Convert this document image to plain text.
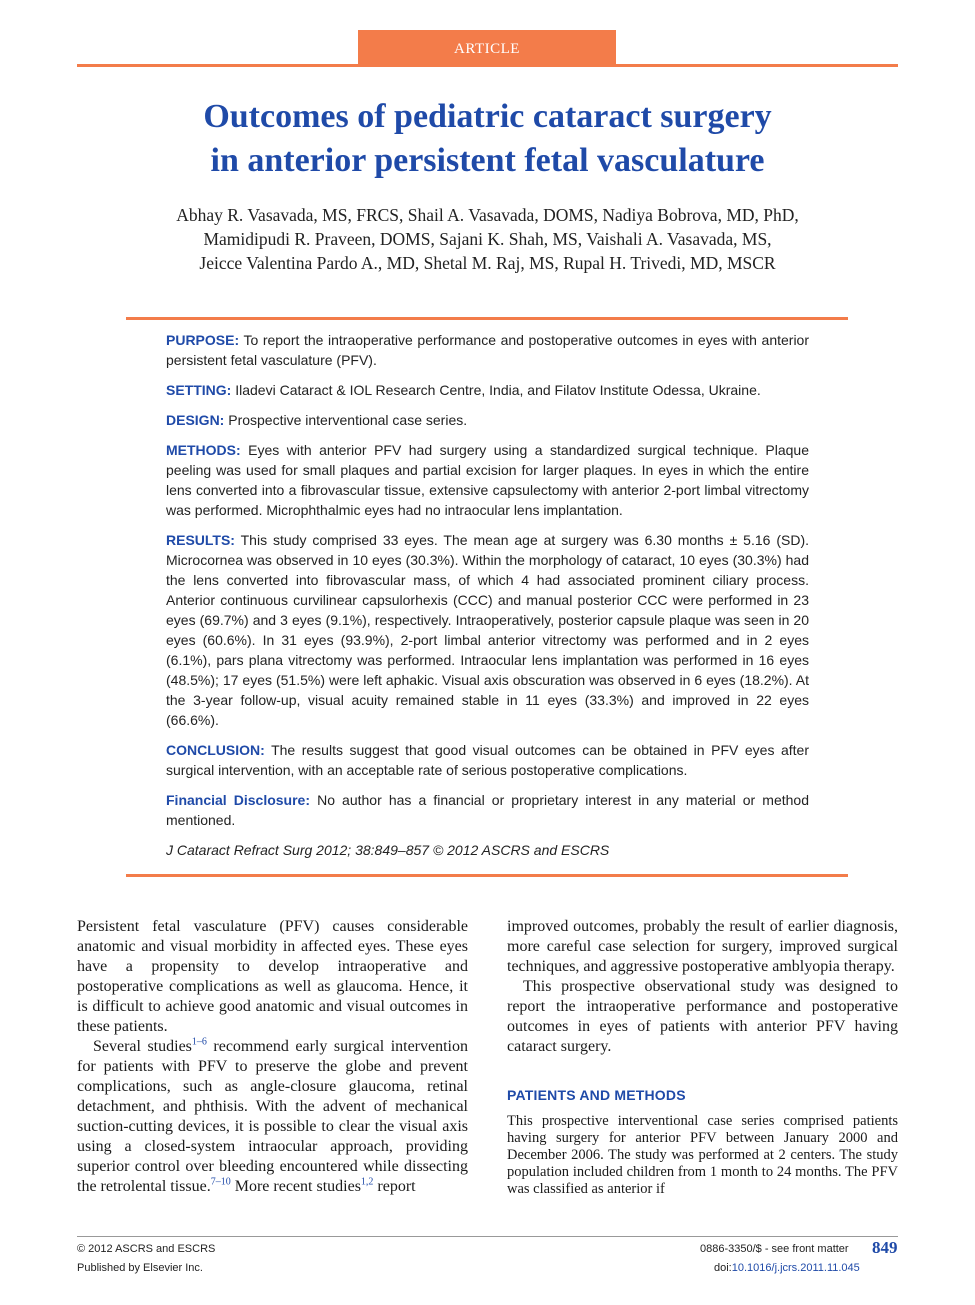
ARTICLE
Outcomes of pediatric cataract surgery
in anterior persistent fetal vasculature
Abhay R. Vasavada, MS, FRCS, Shail A. Vasavada, DOMS, Nadiya Bobrova, MD, PhD,
Mamidipudi R. Praveen, DOMS, Sajani K. Shah, MS, Vaishali A. Vasavada, MS,
Jeicce Valentina Pardo A., MD, Shetal M. Raj, MS, Rupal H. Trivedi, MD, MSCR

PURPOSE: To report the intraoperative performance and postoperative outcomes in eyes with anterior persistent fetal vasculature (PFV).

SETTING: Iladevi Cataract & IOL Research Centre, India, and Filatov Institute Odessa, Ukraine.

DESIGN: Prospective interventional case series.

METHODS: Eyes with anterior PFV had surgery using a standardized surgical technique. Plaque peeling was used for small plaques and partial excision for larger plaques. In eyes in which the entire lens converted into a fibrovascular tissue, extensive capsulectomy with anterior 2-port limbal vitrectomy was performed. Microphthalmic eyes had no intraocular lens implantation.

RESULTS: This study comprised 33 eyes. The mean age at surgery was 6.30 months ± 5.16 (SD). Microcornea was observed in 10 eyes (30.3%). Within the morphology of cataract, 10 eyes (30.3%) had the lens converted into fibrovascular mass, of which 4 had associated prominent ciliary process. Anterior continuous curvilinear capsulorhexis (CCC) and manual posterior CCC were performed in 23 eyes (69.7%) and 3 eyes (9.1%), respectively. Intraoperatively, posterior capsule plaque was seen in 20 eyes (60.6%). In 31 eyes (93.9%), 2-port limbal anterior vitrectomy was performed and in 2 eyes (6.1%), pars plana vitrectomy was performed. Intraocular lens implantation was performed in 16 eyes (48.5%); 17 eyes (51.5%) were left aphakic. Visual axis obscuration was observed in 6 eyes (18.2%). At the 3-year follow-up, visual acuity remained stable in 11 eyes (33.3%) and improved in 22 eyes (66.6%).

CONCLUSION: The results suggest that good visual outcomes can be obtained in PFV eyes after surgical intervention, with an acceptable rate of serious postoperative complications.

Financial Disclosure: No author has a financial or proprietary interest in any material or method mentioned.

J Cataract Refract Surg 2012; 38:849–857 © 2012 ASCRS and ESCRS

Persistent fetal vasculature (PFV) causes considerable anatomic and visual morbidity in affected eyes. These eyes have a propensity to develop intraoperative and postoperative complications as well as glaucoma. Hence, it is difficult to achieve good anatomic and visual outcomes in these patients.

Several studies$^{1-6}$ recommend early surgical intervention for patients with PFV to preserve the globe and prevent complications, such as angle-closure glaucoma, retinal detachment, and phthisis. With the advent of mechanical suction-cutting devices, it is possible to clear the visual axis using a closed-system intraocular approach, providing superior control over bleeding encountered while dissecting the retrolental tissue.$^{7-10}$ More recent studies$^{1,2}$ report

improved outcomes, probably the result of earlier diagnosis, more careful case selection for surgery, improved surgical techniques, and aggressive postoperative amblyopia therapy.

This prospective observational study was designed to report the intraoperative performance and postoperative outcomes in eyes of patients with anterior PFV having cataract surgery.

PATIENTS AND METHODS

This prospective interventional case series comprised patients having surgery for anterior PFV between January 2000 and December 2006. The study was performed at 2 centers. The study population included children from 1 month to 24 months. The PFV was classified as anterior if

© 2012 ASCRS and ESCRS
Published by Elsevier Inc.
0886-3350/$ - see front matter
doi:10.1016/j.jcrs.2011.11.045
849
